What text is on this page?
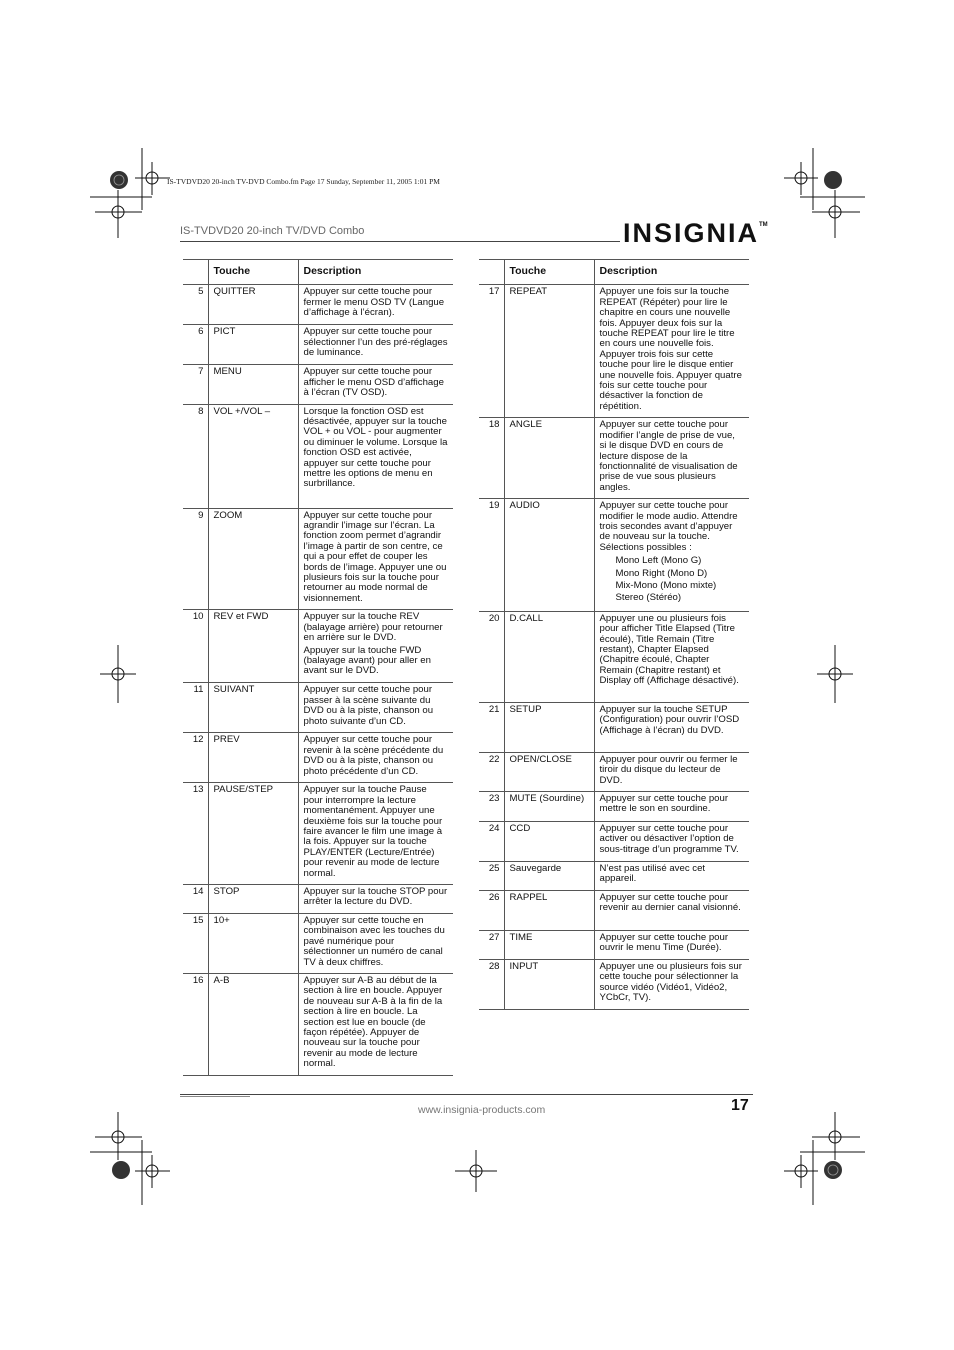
IS-TVDVD20 20-inch TV-DVD Combo.fm Page 17 Sunday, September 11, 2005 1:01 PM
IS-TVDVD20 20-inch TV/DVD Combo	INSIGNIA™
	Touche	Description
5	QUITTER	Appuyer sur cette touche pour fermer le menu OSD TV (Langue d’affichage à l’écran).
6	PICT	Appuyer sur cette touche pour sélectionner l’un des pré-réglages de luminance.
7	MENU	Appuyer sur cette touche pour afficher le menu OSD d’affichage à l’écran (TV OSD).
8	VOL +/VOL –	Lorsque la fonction OSD est désactivée, appuyer sur la touche VOL + ou VOL - pour augmenter ou diminuer le volume. Lorsque la fonction OSD est activée, appuyer sur cette touche pour mettre les options de menu en surbrillance.
9	ZOOM	Appuyer sur cette touche pour agrandir l’image sur l’écran. La fonction zoom permet d’agrandir l’image à partir de son centre, ce qui a pour effet de couper les bords de l’image. Appuyer une ou plusieurs fois sur la touche pour retourner au mode normal de visionnement.
10	REV et FWD	Appuyer sur la touche REV (balayage arrière) pour retourner en arrière sur le DVD.
Appuyer sur la touche FWD (balayage avant) pour aller en avant sur le DVD.

11	SUIVANT	Appuyer sur cette touche pour passer à la scène suivante du DVD ou à la piste, chanson ou photo suivante d’un CD.
12	PREV	Appuyer sur cette touche pour revenir à la scène précédente du DVD ou à la piste, chanson ou photo précédente d’un CD.
13	PAUSE/STEP	Appuyer sur la touche Pause pour interrompre la lecture momentanément. Appuyer une deuxième fois sur la touche pour faire avancer le film une image à la fois. Appuyer sur la touche PLAY/ENTER (Lecture/Entrée) pour revenir au mode de lecture normal.
14	STOP	Appuyer sur la touche STOP pour arrêter la lecture du DVD.
15	10+	Appuyer sur cette touche en combinaison avec les touches du pavé numérique pour sélectionner un numéro de canal TV à deux chiffres.
16	A-B	Appuyer sur A-B au début de la section à lire en boucle. Appuyer de nouveau sur A-B à la fin de la section à lire en boucle. La section est lue en boucle (de façon répétée). Appuyer de nouveau sur la touche pour revenir au mode de lecture normal.
	Touche	Description
17	REPEAT	Appuyer une fois sur la touche REPEAT (Répéter) pour lire le chapitre en cours une nouvelle fois. Appuyer deux fois sur la touche REPEAT pour lire le titre en cours une nouvelle fois. Appuyer trois fois sur cette touche pour lire le disque entier une nouvelle fois. Appuyer quatre fois sur cette touche pour désactiver la fonction de répétition.
18	ANGLE	Appuyer sur cette touche pour modifier l’angle de prise de vue, si le disque DVD en cours de lecture dispose de la fonctionnalité de visualisation de prise de vue sous plusieurs angles.
19	AUDIO	Appuyer sur cette touche pour modifier le mode audio. Attendre trois secondes avant d’appuyer de nouveau sur la touche. Sélections possibles :
Mono Left (Mono G)
Mono Right (Mono D)
Mix-Mono (Mono mixte)
Stereo (Stéréo)

20	D.CALL	Appuyer une ou plusieurs fois pour afficher Title Elapsed (Titre écoulé), Title Remain (Titre restant), Chapter Elapsed (Chapitre écoulé, Chapter Remain (Chapitre restant) et Display off (Affichage désactivé).
21	SETUP	Appuyer sur la touche SETUP (Configuration) pour ouvrir l’OSD (Affichage à l’écran) du DVD.
22	OPEN/CLOSE	Appuyer pour ouvrir ou fermer le tiroir du disque du lecteur de DVD.
23	MUTE (Sourdine)	Appuyer sur cette touche pour mettre le son en sourdine.
24	CCD	Appuyer sur cette touche pour activer ou désactiver l’option de sous-titrage d’un programme TV.
25	Sauvegarde	N’est pas utilisé avec cet appareil.
26	RAPPEL	Appuyer sur cette touche pour revenir au dernier canal visionné.
27	TIME	Appuyer sur cette touche pour ouvrir le menu Time (Durée).
28	INPUT	Appuyer une ou plusieurs fois sur cette touche pour sélectionner la source vidéo (Vidéo1, Vidéo2, YCbCr, TV).
www.insignia-products.com	17
